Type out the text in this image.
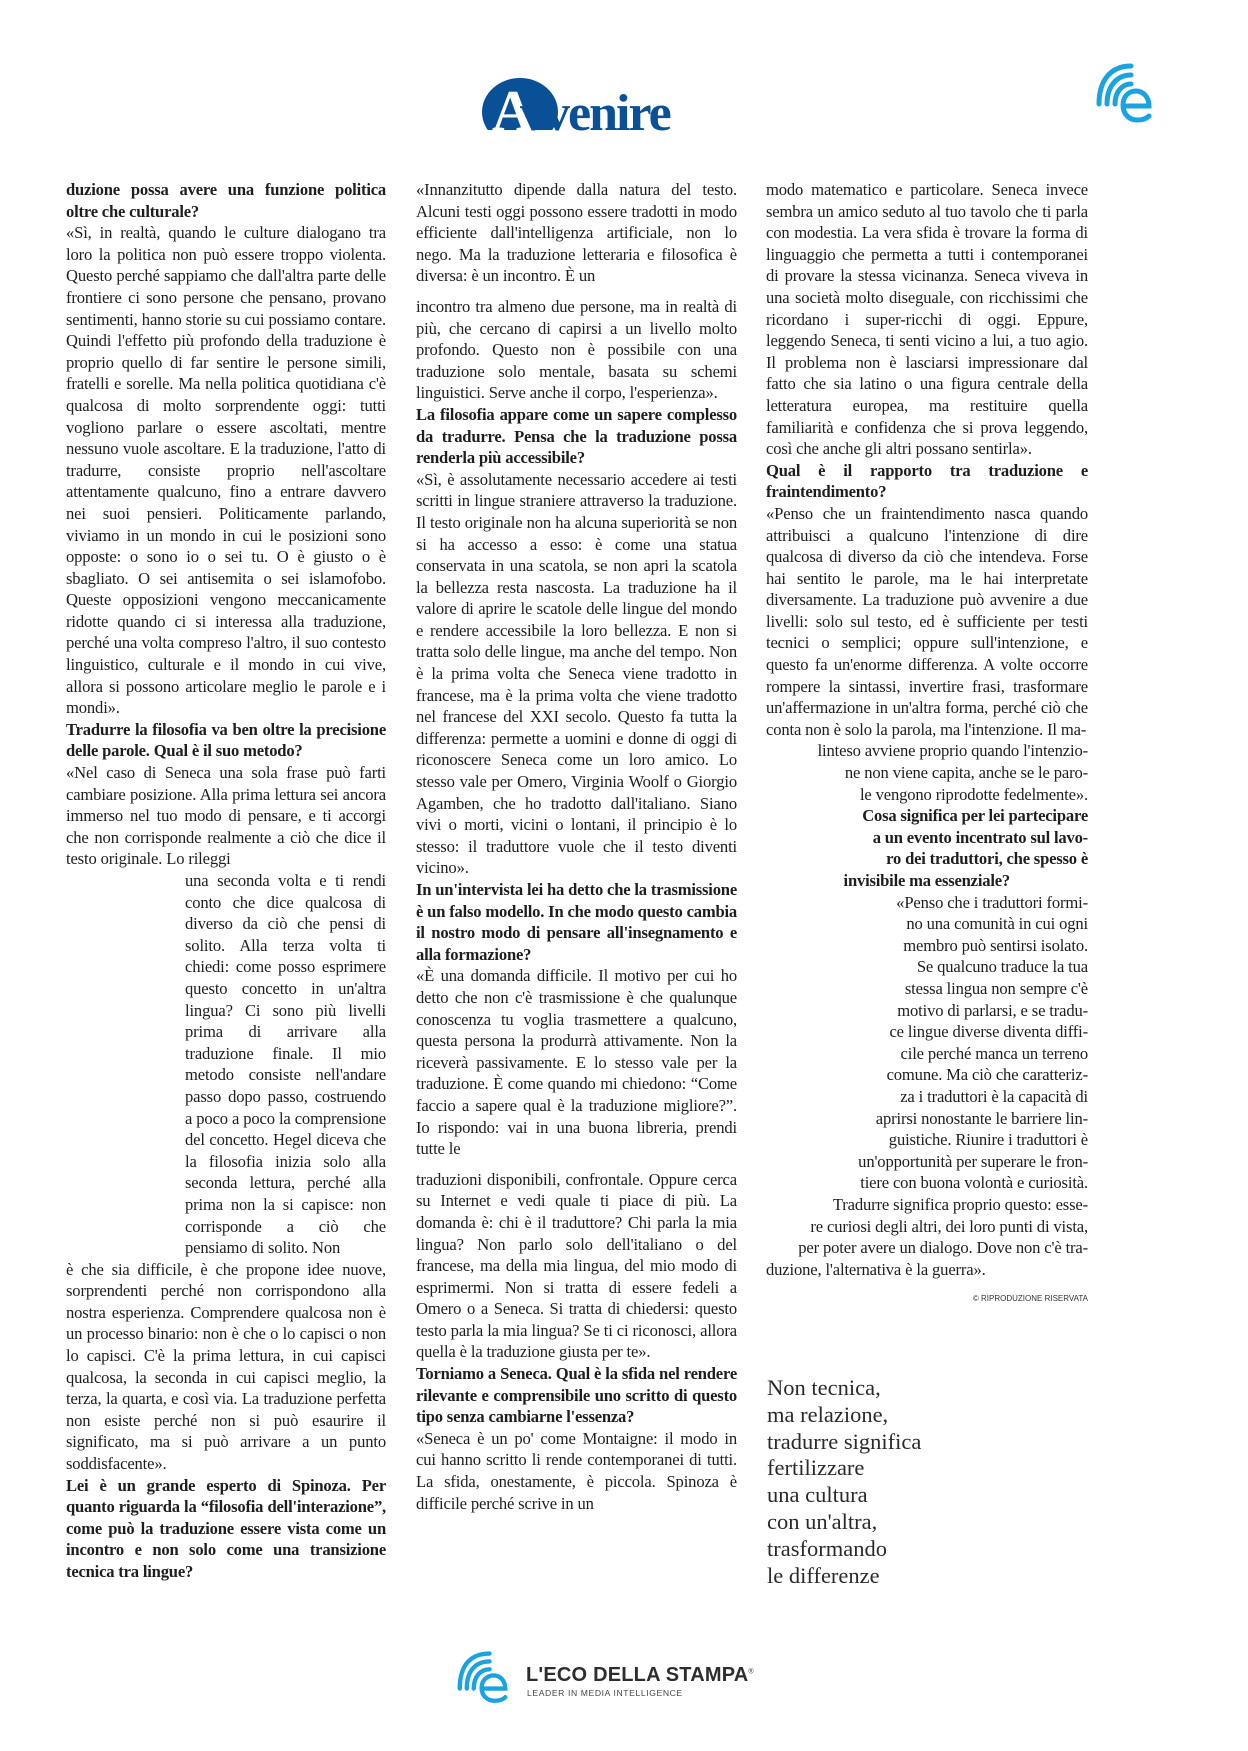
A
vvenire

duzione possa avere una funzione politica oltre che culturale?

«Sì, in realtà, quando le culture dialogano tra loro la politica non può essere troppo violenta. Questo perché sappiamo che dall'altra parte delle frontiere ci sono persone che pensano, provano sentimenti, hanno storie su cui possiamo contare. Quindi l'effetto più profondo della traduzione è proprio quello di far sentire le persone simili, fratelli e sorelle. Ma nella politica quotidiana c'è qualcosa di molto sorprendente oggi: tutti vogliono parlare o essere ascoltati, mentre nessuno vuole ascoltare. E la traduzione, l'atto di tradurre, consiste proprio nell'ascoltare attentamente qualcuno, fino a entrare davvero nei suoi pensieri. Politicamente parlando, viviamo in un mondo in cui le posizioni sono opposte: o sono io o sei tu. O è giusto o è sbagliato. O sei antisemita o sei islamofobo. Queste opposizioni vengono meccanicamente ridotte quando ci si interessa alla traduzione, perché una volta compreso l'altro, il suo contesto linguistico, culturale e il mondo in cui vive, allora si possono articolare meglio le parole e i mondi».

Tradurre la filosofia va ben oltre la precisione delle parole. Qual è il suo metodo?

«Nel caso di Seneca una sola frase può farti cambiare posizione. Alla prima lettura sei ancora immerso nel tuo modo di pensare, e ti accorgi che non corrisponde realmente a ciò che dice il testo originale. Lo rileggi

una seconda volta e ti rendi conto che dice qualcosa di diverso da ciò che pensi di solito. Alla terza volta ti chiedi: come posso esprimere questo concetto in un'altra lingua? Ci sono più livelli prima di arrivare alla traduzione finale. Il mio metodo consiste nell'andare passo dopo passo, costruendo a poco a poco la comprensione del concetto. Hegel diceva che la filosofia inizia solo alla seconda lettura, perché alla prima non la si capisce: non corrisponde a ciò che pensiamo di solito. Non

è che sia difficile, è che propone idee nuove, sorprendenti perché non corrispondono alla nostra esperienza. Comprendere qualcosa non è un processo binario: non è che o lo capisci o non lo capisci. C'è la prima lettura, in cui capisci qualcosa, la seconda in cui capisci meglio, la terza, la quarta, e così via. La traduzione perfetta non esiste perché non si può esaurire il significato, ma si può arrivare a un punto soddisfacente».

Lei è un grande esperto di Spinoza. Per quanto riguarda la “filosofia dell'interazione”, come può la traduzione essere vista come un incontro e non solo come una transizione tecnica tra lingue?

«Innanzitutto dipende dalla natura del testo. Alcuni testi oggi possono essere tradotti in modo efficiente dall'intelligenza artificiale, non lo nego. Ma la traduzione letteraria e filosofica è diversa: è un incontro. È un

incontro tra almeno due persone, ma in realtà di più, che cercano di capirsi a un livello molto profondo. Questo non è possibile con una traduzione solo mentale, basata su schemi linguistici. Serve anche il corpo, l'esperienza».

La filosofia appare come un sapere complesso da tradurre. Pensa che la traduzione possa renderla più accessibile?

«Sì, è assolutamente necessario accedere ai testi scritti in lingue straniere attraverso la traduzione. Il testo originale non ha alcuna superiorità se non si ha accesso a esso: è come una statua conservata in una scatola, se non apri la scatola la bellezza resta nascosta. La traduzione ha il valore di aprire le scatole delle lingue del mondo e rendere accessibile la loro bellezza. E non si tratta solo delle lingue, ma anche del tempo. Non è la prima volta che Seneca viene tradotto in francese, ma è la prima volta che viene tradotto nel francese del XXI secolo. Questo fa tutta la differenza: permette a uomini e donne di oggi di riconoscere Seneca come un loro amico. Lo stesso vale per Omero, Virginia Woolf o Giorgio Agamben, che ho tradotto dall'italiano. Siano vivi o morti, vicini o lontani, il principio è lo stesso: il traduttore vuole che il testo diventi vicino».

In un'intervista lei ha detto che la trasmissione è un falso modello. In che modo questo cambia il nostro modo di pensare all'insegnamento e alla formazione?

«È una domanda difficile. Il motivo per cui ho detto che non c'è trasmissione è che qualunque conoscenza tu voglia trasmettere a qualcuno, questa persona la produrrà attivamente. Non la riceverà passivamente. E lo stesso vale per la traduzione. È come quando mi chiedono: “Come faccio a sapere qual è la traduzione migliore?”. Io rispondo: vai in una buona libreria, prendi tutte le

traduzioni disponibili, confrontale. Oppure cerca su Internet e vedi quale ti piace di più. La domanda è: chi è il traduttore? Chi parla la mia lingua? Non parlo solo dell'italiano o del francese, ma della mia lingua, del mio modo di esprimermi. Non si tratta di essere fedeli a Omero o a Seneca. Si tratta di chiedersi: questo testo parla la mia lingua? Se ti ci riconosci, allora quella è la traduzione giusta per te».

Torniamo a Seneca. Qual è la sfida nel rendere rilevante e comprensibile uno scritto di questo tipo senza cambiarne l'essenza?

«Seneca è un po' come Montaigne: il modo in cui hanno scritto li rende contemporanei di tutti. La sfida, onestamente, è piccola. Spinoza è difficile perché scrive in un

modo matematico e particolare. Seneca invece sembra un amico seduto al tuo tavolo che ti parla con modestia. La vera sfida è trovare la forma di linguaggio che permetta a tutti i contemporanei di provare la stessa vicinanza. Seneca viveva in una società molto diseguale, con ricchissimi che ricordano i super-ricchi di oggi. Eppure, leggendo Seneca, ti senti vicino a lui, a tuo agio. Il problema non è lasciarsi impressionare dal fatto che sia latino o una figura centrale della letteratura europea, ma restituire quella familiarità e confidenza che si prova leggendo, così che anche gli altri possano sentirla».

Qual è il rapporto tra traduzione e fraintendimento?

«Penso che un fraintendimento nasca quando attribuisci a qualcuno l'intenzione di dire qualcosa di diverso da ciò che intendeva. Forse hai sentito le parole, ma le hai interpretate diversamente. La traduzione può avvenire a due livelli: solo sul testo, ed è sufficiente per testi tecnici o semplici; oppure sull'intenzione, e questo fa un'enorme differenza. A volte occorre rompere la sintassi, invertire frasi, trasformare un'affermazione in un'altra forma, perché ciò che conta non è solo la parola, ma l'intenzione. Il ma-

linteso avviene proprio quando l'intenzio-
ne non viene capita, anche se le paro-
le vengono riprodotte fedelmente».
Cosa significa per lei partecipare
a un evento incentrato sul lavo-
ro dei traduttori, che spesso è
invisibile ma essenziale?
«Penso che i traduttori formi-
no una comunità in cui ogni
membro può sentirsi isolato.
Se qualcuno traduce la tua
stessa lingua non sempre c'è
motivo di parlarsi, e se tradu-
ce lingue diverse diventa diffi-
cile perché manca un terreno
comune. Ma ciò che caratteriz-
za i traduttori è la capacità di
aprirsi nonostante le barriere lin-
guistiche. Riunire i traduttori è
un'opportunità per superare le fron-
tiere con buona volontà e curiosità.
Tradurre significa proprio questo: esse-
re curiosi degli altri, dei loro punti di vista,
per poter avere un dialogo. Dove non c'è tra-
duzione, l'alternativa è la guerra».

© RIPRODUZIONE RISERVATA

Non tecnica,
ma relazione,
tradurre significa
fertilizzare
una cultura
con un'altra,
trasformando
le differenze
L'ECO DELLA STAMPA®
LEADER IN MEDIA INTELLIGENCE
